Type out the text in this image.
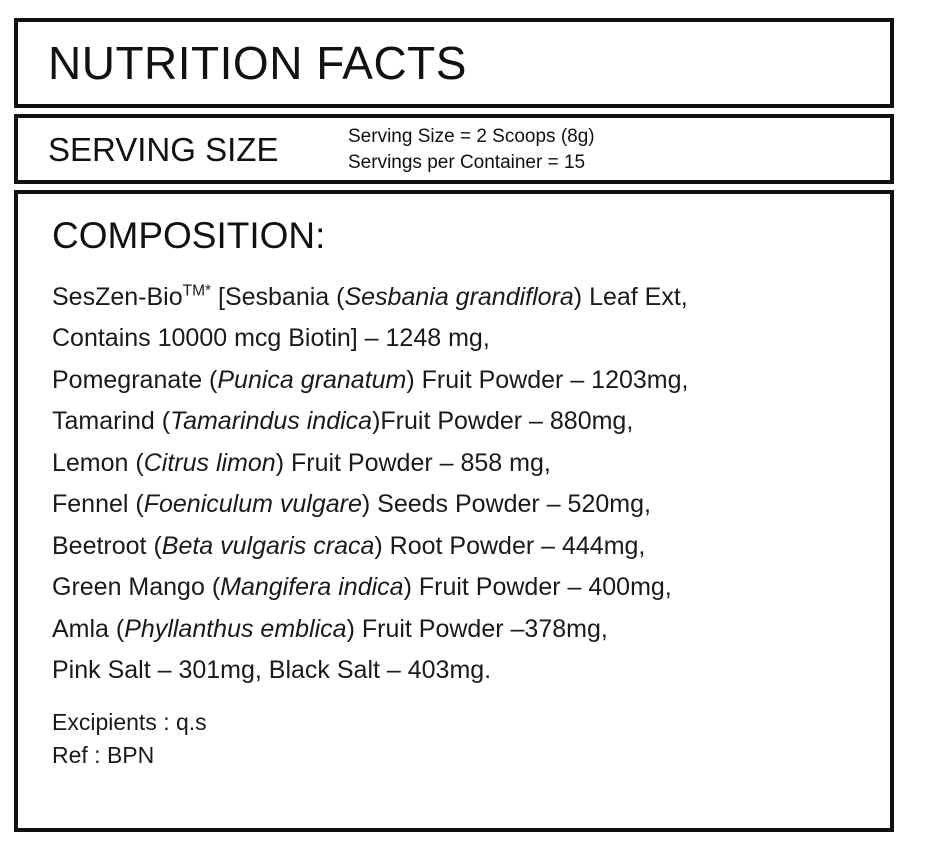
NUTRITION FACTS
SERVING SIZE	Serving Size = 2 Scoops (8g)
Servings per Container = 15
COMPOSITION:
SesZen-Bio$^{TM*}$ [Sesbania (Sesbania grandiflora) Leaf Ext,
Contains 10000 mcg Biotin] – 1248 mg,
Pomegranate (Punica granatum) Fruit Powder – 1203mg,
Tamarind (Tamarindus indica)Fruit Powder – 880mg,
Lemon (Citrus limon) Fruit Powder – 858 mg,
Fennel (Foeniculum vulgare) Seeds Powder – 520mg,
Beetroot (Beta vulgaris craca) Root Powder – 444mg,
Green Mango (Mangifera indica) Fruit Powder – 400mg,
Amla (Phyllanthus emblica) Fruit Powder –378mg,
Pink Salt – 301mg, Black Salt – 403mg.
Excipients : q.s
Ref : BPN
